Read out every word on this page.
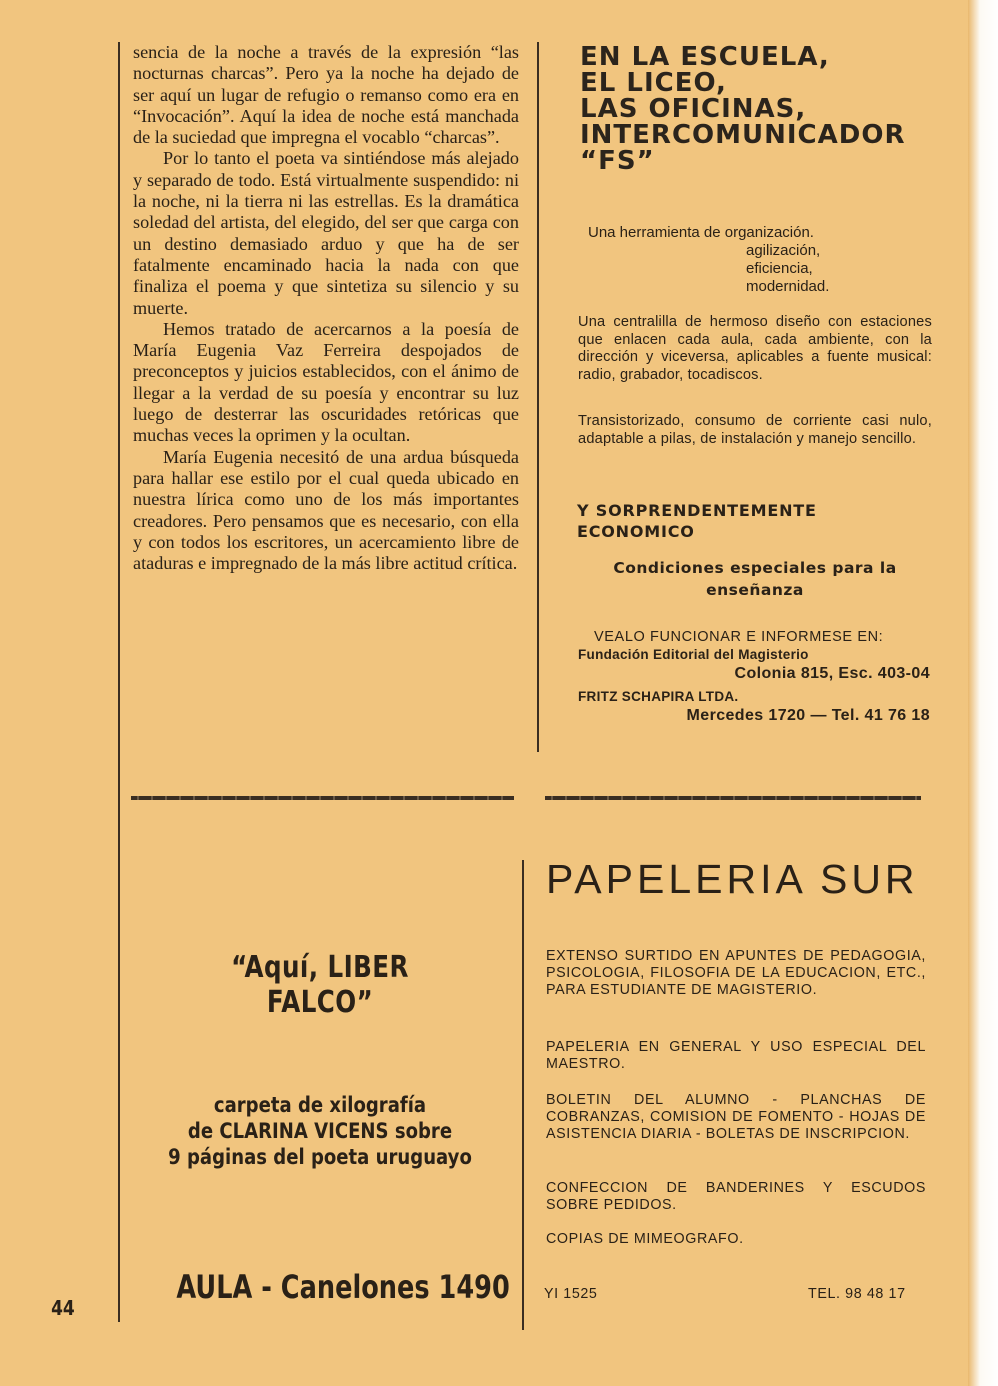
sencia de la noche a través de la expresión “las nocturnas charcas”. Pero ya la noche ha dejado de ser aquí un lugar de refugio o remanso como era en “Invocación”. Aquí la idea de noche está manchada de la suciedad que impregna el vocablo “charcas”.

Por lo tanto el poeta va sintiéndose más alejado y separado de todo. Está virtualmente suspendido: ni la noche, ni la tierra ni las estrellas. Es la dramática soledad del artista, del elegido, del ser que carga con un destino demasiado arduo y que ha de ser fatalmente encaminado hacia la nada con que finaliza el poema y que sintetiza su silencio y su muerte.

Hemos tratado de acercarnos a la poesía de María Eugenia Vaz Ferreira despojados de preconceptos y juicios establecidos, con el ánimo de llegar a la verdad de su poesía y encontrar su luz luego de desterrar las oscuridades retóricas que muchas veces la oprimen y la ocultan.

María Eugenia necesitó de una ardua búsqueda para hallar ese estilo por el cual queda ubicado en nuestra lírica como uno de los más importantes creadores. Pero pensamos que es necesario, con ella y con todos los escritores, un acercamiento libre de ataduras e impregnado de la más libre actitud crítica.

EN LA ESCUELA,
EL LICEO,
LAS OFICINAS,
INTERCOMUNICADOR
“FS”
Una herramienta de organización.
agilización,
eficiencia,
modernidad.
Una centralilla de hermoso diseño con estaciones que enlacen cada aula, cada ambiente, con la dirección y viceversa, aplicables a fuente musical: radio, grabador, tocadiscos.
Transistorizado, consumo de corriente casi nulo, adaptable a pilas, de instalación y manejo sencillo.
Y SORPRENDENTEMENTE
ECONOMICO
Condiciones especiales para la enseñanza
VEALO FUNCIONAR E INFORMESE EN:
Fundación Editorial del Magisterio
Colonia 815, Esc. 403-04
FRITZ SCHAPIRA LTDA.
Mercedes 1720 — Tel. 41 76 18
“Aquí, LIBER FALCO”
carpeta de xilografía
de CLARINA VICENS sobre
9 páginas del poeta uruguayo
AULA - Canelones 1490
PAPELERIA SUR
EXTENSO SURTIDO EN APUNTES DE PEDAGOGIA, PSICOLOGIA, FILOSOFIA DE LA EDUCACION, ETC., PARA ESTUDIANTE DE MAGISTERIO.
PAPELERIA EN GENERAL Y USO ESPECIAL DEL MAESTRO.
BOLETIN DEL ALUMNO - PLANCHAS DE COBRANZAS, COMISION DE FOMENTO - HOJAS DE ASISTENCIA DIARIA - BOLETAS DE INSCRIPCION.
CONFECCION DE BANDERINES Y ESCUDOS SOBRE PEDIDOS.
COPIAS DE MIMEOGRAFO.
YI 1525	TEL. 98 48 17
44
